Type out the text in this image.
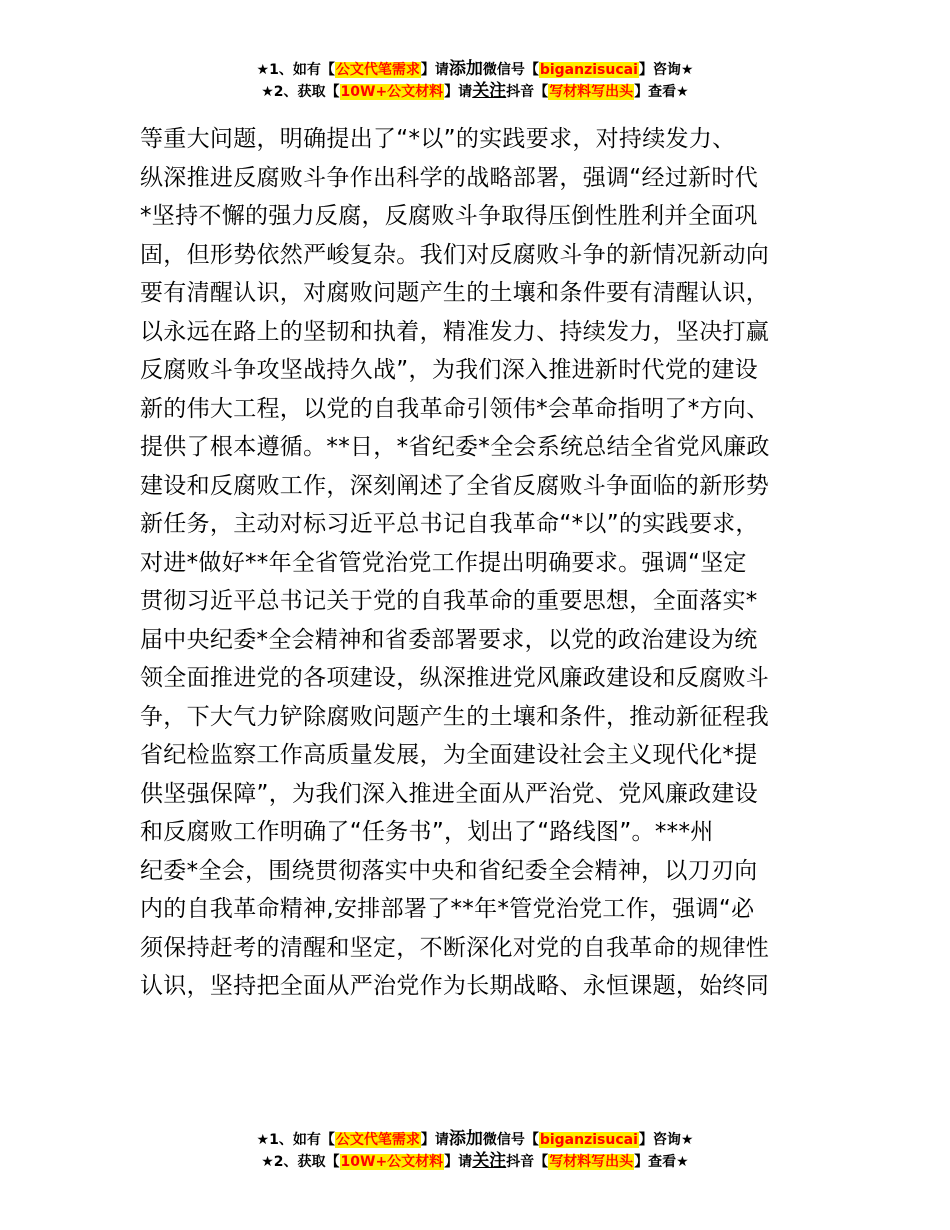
★1、如有【公文代笔需求】请添加微信号【biganzisucai】咨询★
★2、获取【10W+公文材料】请关注抖音【写材料写出头】查看★
等重大问题，明确提出了“*以”的实践要求，对持续发力、
纵深推进反腐败斗争作出科学的战略部署，强调“经过新时代
*坚持不懈的强力反腐，反腐败斗争取得压倒性胜利并全面巩
固，但形势依然严峻复杂。我们对反腐败斗争的新情况新动向
要有清醒认识，对腐败问题产生的土壤和条件要有清醒认识，
以永远在路上的坚韧和执着，精准发力、持续发力，坚决打赢
反腐败斗争攻坚战持久战”，为我们深入推进新时代党的建设
新的伟大工程，以党的自我革命引领伟*会革命指明了*方向、
提供了根本遵循。**日，*省纪委*全会系统总结全省党风廉政
建设和反腐败工作，深刻阐述了全省反腐败斗争面临的新形势
新任务，主动对标习近平总书记自我革命“*以”的实践要求，
对进*做好**年全省管党治党工作提出明确要求。强调“坚定
贯彻习近平总书记关于党的自我革命的重要思想，全面落实*
届中央纪委*全会精神和省委部署要求，以党的政治建设为统
领全面推进党的各项建设，纵深推进党风廉政建设和反腐败斗
争，下大气力铲除腐败问题产生的土壤和条件，推动新征程我
省纪检监察工作高质量发展，为全面建设社会主义现代化*提
供坚强保障”，为我们深入推进全面从严治党、党风廉政建设
和反腐败工作明确了“任务书”，划出了“路线图”。***州
纪委*全会，围绕贯彻落实中央和省纪委全会精神，以刀刃向
内的自我革命精神,安排部署了**年*管党治党工作，强调“必
须保持赶考的清醒和坚定，不断深化对党的自我革命的规律性
认识，坚持把全面从严治党作为长期战略、永恒课题，始终同
★1、如有【公文代笔需求】请添加微信号【biganzisucai】咨询★
★2、获取【10W+公文材料】请关注抖音【写材料写出头】查看★
